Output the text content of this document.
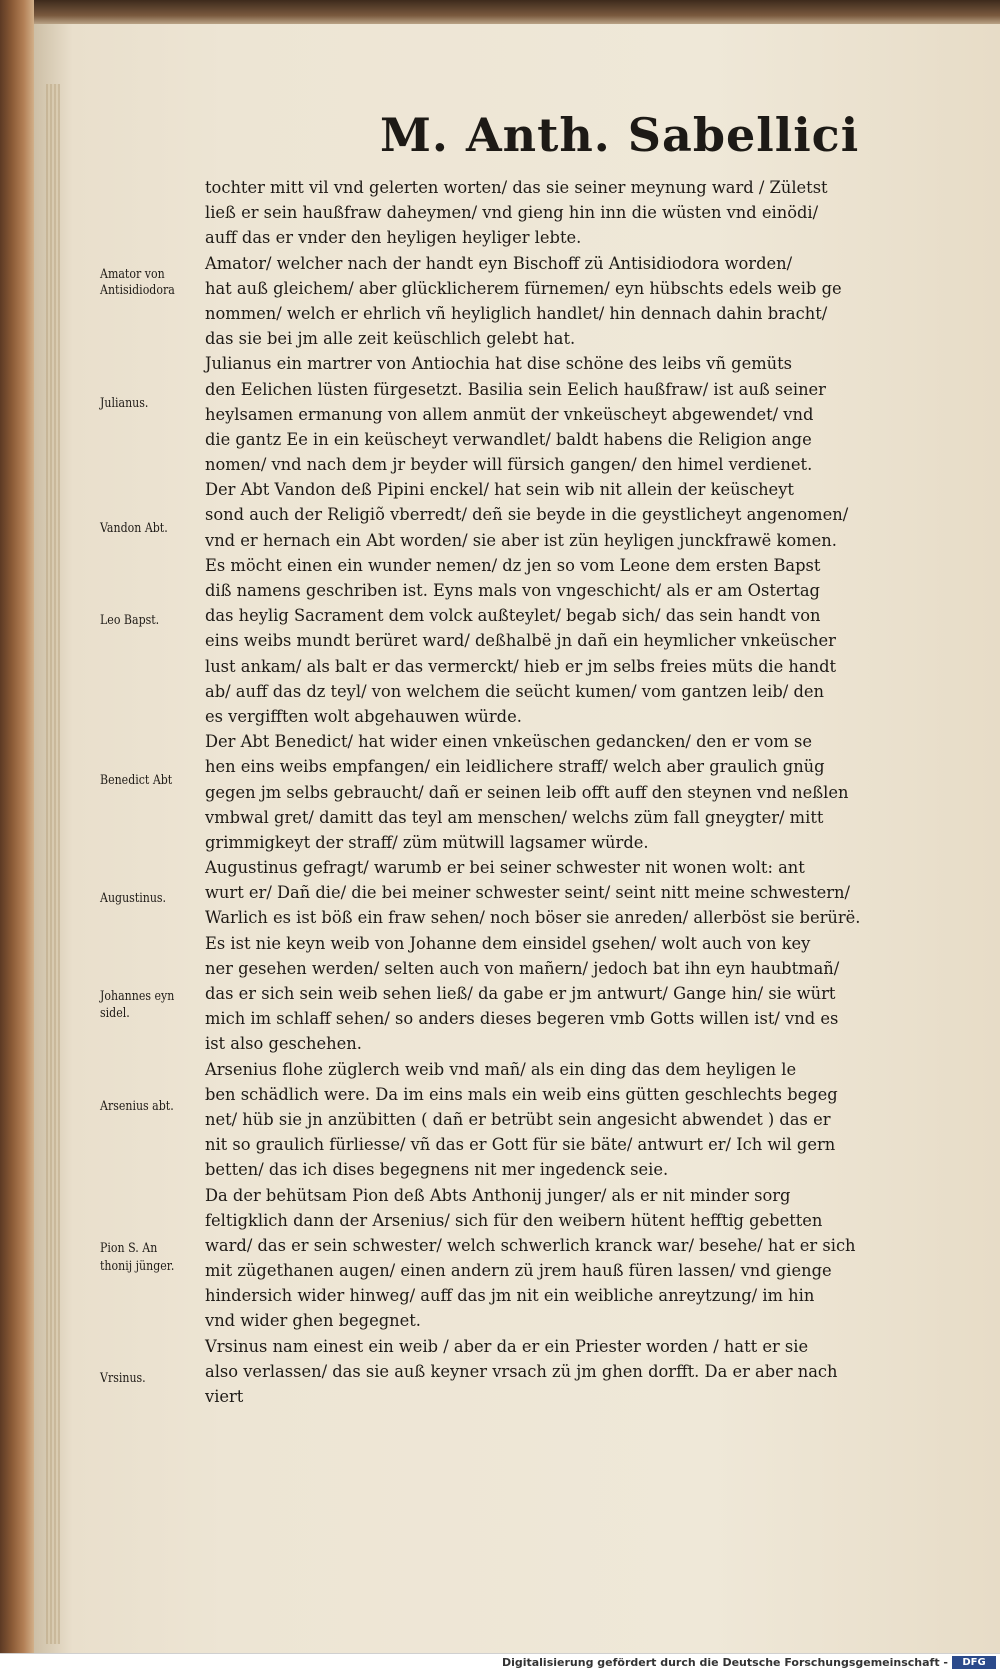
M. Anth. Sabellici
tochter mitt vil vnd gelerten worten/ das sie seiner meynung ward / Zületst
ließ er sein haußfraw daheymen/ vnd gieng hin inn die wüsten vnd einödi/
auff das er vnder den heyligen heyliger lebte.
Amator/ welcher nach der handt eyn Bischoff zü Antisidiodora worden/
hat auß gleichem/ aber glücklicherem fürnemen/ eyn hübschts edels weib ge
nommen/ welch er ehrlich vñ heyliglich handlet/ hin dennach dahin bracht/
das sie bei jm alle zeit keüschlich gelebt hat.
Julianus ein martrer von Antiochia hat dise schöne des leibs vñ gemüts
den Eelichen lüsten fürgesetzt. Basilia sein Eelich haußfraw/ ist auß seiner
heylsamen ermanung von allem anmüt der vnkeüscheyt abgewendet/ vnd
die gantz Ee in ein keüscheyt verwandlet/ baldt habens die Religion ange
nomen/ vnd nach dem jr beyder will fürsich gangen/ den himel verdienet.
Der Abt Vandon deß Pipini enckel/ hat sein wib nit allein der keüscheyt
sond auch der Religiõ vberredt/ deñ sie beyde in die geystlicheyt angenomen/
vnd er hernach ein Abt worden/ sie aber ist zün heyligen junckfrawë komen.
Es möcht einen ein wunder nemen/ dz jen so vom Leone dem ersten Bapst
diß namens geschriben ist. Eyns mals von vngeschicht/ als er am Ostertag
das heylig Sacrament dem volck außteylet/ begab sich/ das sein handt von
eins weibs mundt berüret ward/ deßhalbë jn dañ ein heymlicher vnkeüscher
lust ankam/ als balt er das vermerckt/ hieb er jm selbs freies müts die handt
ab/ auff das dz teyl/ von welchem die seücht kumen/ vom gantzen leib/ den
es vergifften wolt abgehauwen würde.
Der Abt Benedict/ hat wider einen vnkeüschen gedancken/ den er vom se
hen eins weibs empfangen/ ein leidlichere straff/ welch aber graulich gnüg
gegen jm selbs gebraucht/ dañ er seinen leib offt auff den steynen vnd neßlen
vmbwal gret/ damitt das teyl am menschen/ welchs züm fall gneygter/ mitt
grimmigkeyt der straff/ züm mütwill lagsamer würde.
Augustinus gefragt/ warumb er bei seiner schwester nit wonen wolt: ant
wurt er/ Dañ die/ die bei meiner schwester seint/ seint nitt meine schwestern/
Warlich es ist böß ein fraw sehen/ noch böser sie anreden/ allerböst sie berürë.
Es ist nie keyn weib von Johanne dem einsidel gsehen/ wolt auch von key
ner gesehen werden/ selten auch von mañern/ jedoch bat ihn eyn haubtmañ/
das er sich sein weib sehen ließ/ da gabe er jm antwurt/ Gange hin/ sie würt
mich im schlaff sehen/ so anders dieses begeren vmb Gotts willen ist/ vnd es
ist also geschehen.
Arsenius flohe züglerch weib vnd mañ/ als ein ding das dem heyligen le
ben schädlich were. Da im eins mals ein weib eins gütten geschlechts begeg
net/ hüb sie jn anzübitten ( dañ er betrübt sein angesicht abwendet ) das er
nit so graulich fürliesse/ vñ das er Gott für sie bäte/ antwurt er/ Ich wil gern
betten/ das ich dises begegnens nit mer ingedenck seie.
Da der behütsam Pion deß Abts Anthonij junger/ als er nit minder sorg
feltigklich dann der Arsenius/ sich für den weibern hütent hefftig gebetten
ward/ das er sein schwester/ welch schwerlich kranck war/ besehe/ hat er sich
mit zügethanen augen/ einen andern zü jrem hauß füren lassen/ vnd gienge
hindersich wider hinweg/ auff das jm nit ein weibliche anreytzung/ im hin
vnd wider ghen begegnet.
Vrsinus nam einest ein weib / aber da er ein Priester worden / hatt er sie
also verlassen/ das sie auß keyner vrsach zü jm ghen dorfft. Da er aber nach
viert
Amator von
Antisidiodora
Julianus.
Vandon Abt.
Leo Bapst.
Benedict Abt
Augustinus.
Johannes eyn
sidel.
Arsenius abt.
Pion S. An
thonij jünger.
Vrsinus.
Digitalisierung gefördert durch die Deutsche Forschungsgemeinschaft -	DFG
